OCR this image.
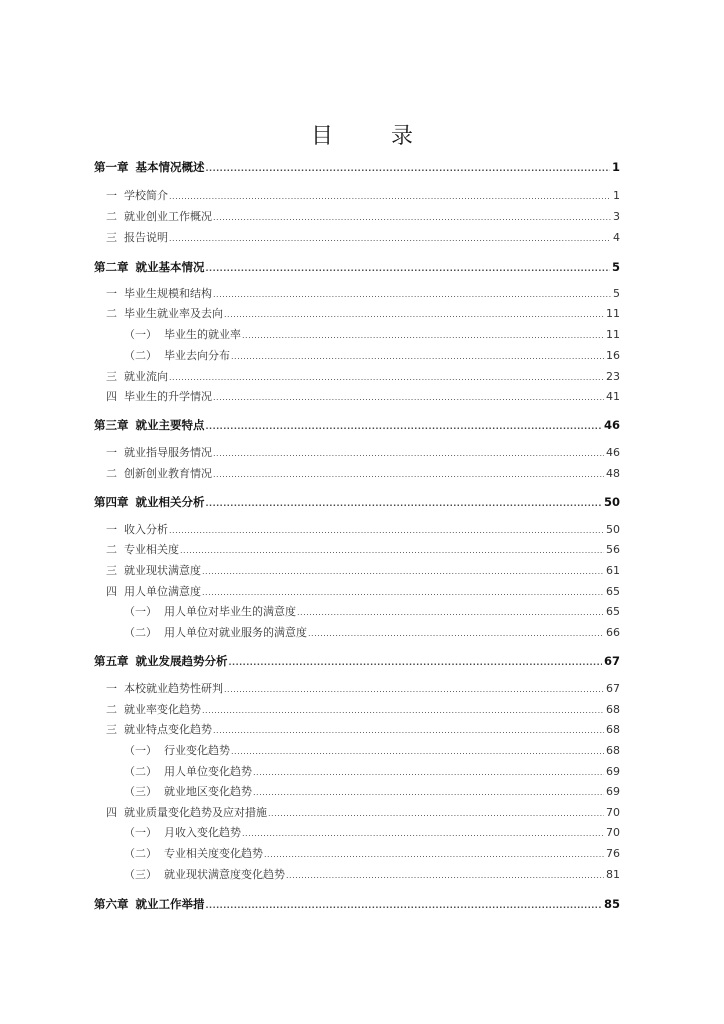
目　录
第一章 基本情况概述 .....	1
一 学校简介 .....	1
二 就业创业工作概况 .....	3
三 报告说明 .....	4
第二章 就业基本情况 .....	5
一 毕业生规模和结构 .....	5
二 毕业生就业率及去向 .....	11
（一） 毕业生的就业率 .....	11
（二） 毕业去向分布 .....	16
三 就业流向 .....	23
四 毕业生的升学情况 .....	41
第三章 就业主要特点 .....	46
一 就业指导服务情况 .....	46
二 创新创业教育情况 .....	48
第四章 就业相关分析 .....	50
一 收入分析 .....	50
二 专业相关度 .....	56
三 就业现状满意度 .....	61
四 用人单位满意度 .....	65
（一） 用人单位对毕业生的满意度 .....	65
（二） 用人单位对就业服务的满意度 .....	66
第五章 就业发展趋势分析 .....	67
一 本校就业趋势性研判 .....	67
二 就业率变化趋势 .....	68
三 就业特点变化趋势 .....	68
（一） 行业变化趋势 .....	68
（二） 用人单位变化趋势 .....	69
（三） 就业地区变化趋势 .....	69
四 就业质量变化趋势及应对措施 .....	70
（一） 月收入变化趋势 .....	70
（二） 专业相关度变化趋势 .....	76
（三） 就业现状满意度变化趋势 .....	81
第六章 就业工作举措 .....	85
